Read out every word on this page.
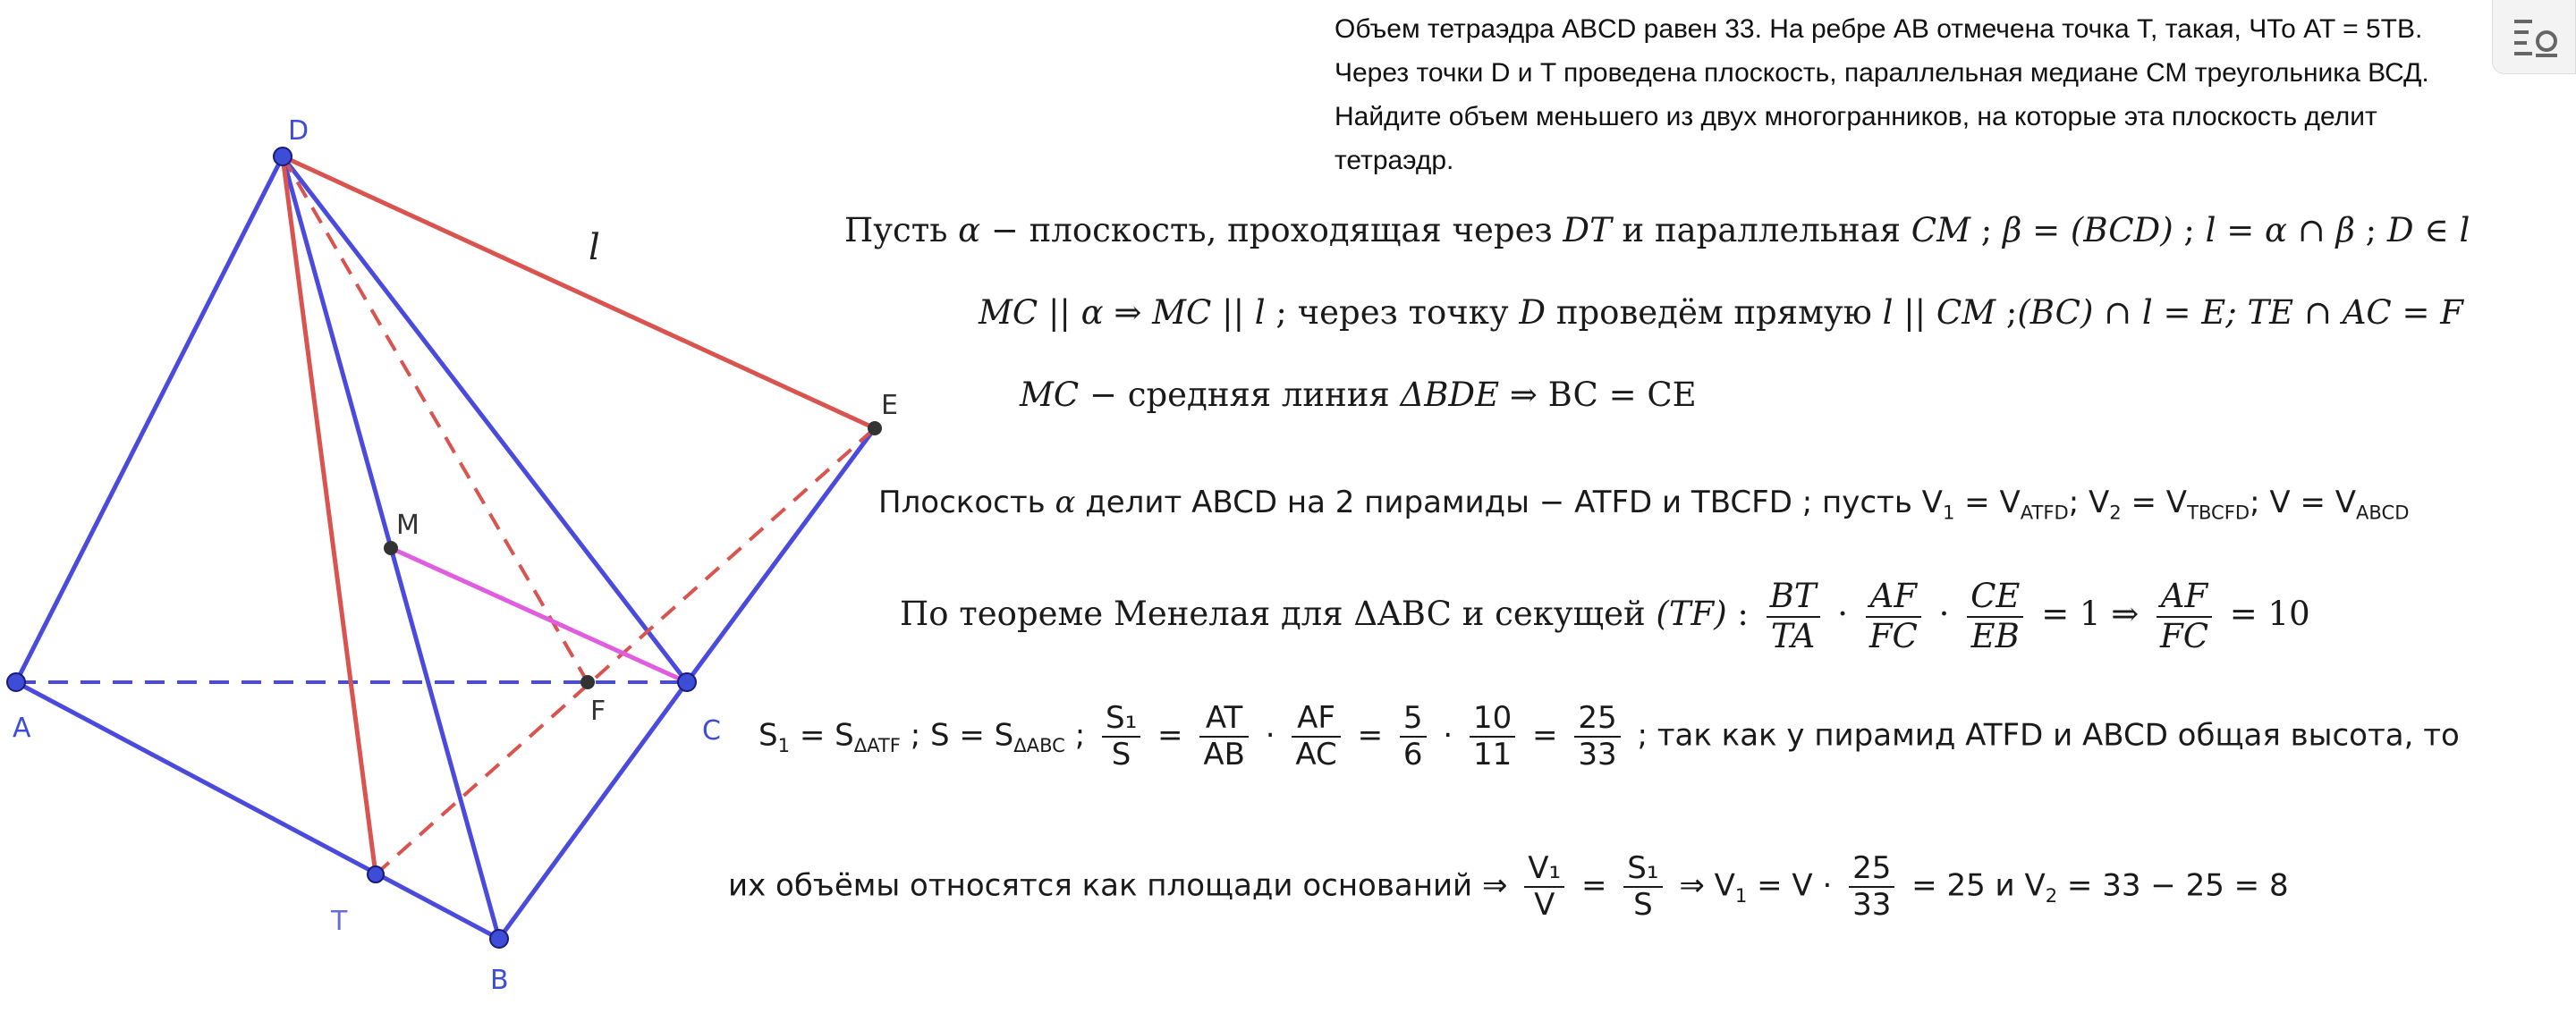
D
A	C
B
T
E
M
F
l
Объем тетраэдра АBCD равен 33. На ребре АВ отмечена точка Т, такая, ЧТо AT = 5TB. Через точки D и T проведена плоскость, параллельная медиане СМ треугольника ВСД. Найдите объем меньшего из двух многогранников, на которые эта плоскость делит тетраэдр.
Пусть α − плоскость, проходящая через DT и параллельная CM ; β = (BCD) ; l = α ∩ β ; D ∈ l
MC || α ⇒ MC || l ; через точку D проведём прямую l || CM ;(BC) ∩ l = E; TE ∩ AC = F
MC − средняя линия ΔBDE ⇒ BC = CE
Плоскость α делит ABCD на 2 пирамиды − ATFD и TBCFD ; пусть $V_1 = V_{ATFD}$; $V_2 = V_{TBCFD}$; $V = V_{ABCD}$
По теореме Менелая для ΔABC и секущей (TF) : $\frac{BT}{TA} \cdot \frac{AF}{FC} \cdot \frac{CE}{EB} = 1$ ⇒ $\frac{AF}{FC} = 10$
$S_1 = S_{\Delta ATF}$ ; $S = S_{\Delta ABC}$ ; $\frac{\text{S₁}}{S} = \frac{AT}{AB} \cdot \frac{AF}{AC} = \frac{5}{6} \cdot \frac{10}{11} = \frac{25}{33}$ ; так как у пирамид ATFD и ABCD общая высота, то
их объёмы относятся как площади оснований ⇒ $\frac{\text{V₁}}{V} = \frac{\text{S₁}}{S}$ ⇒ $V_1 = V \cdot \frac{25}{33} = 25$ и $V_2 = 33 - 25 = 8$
